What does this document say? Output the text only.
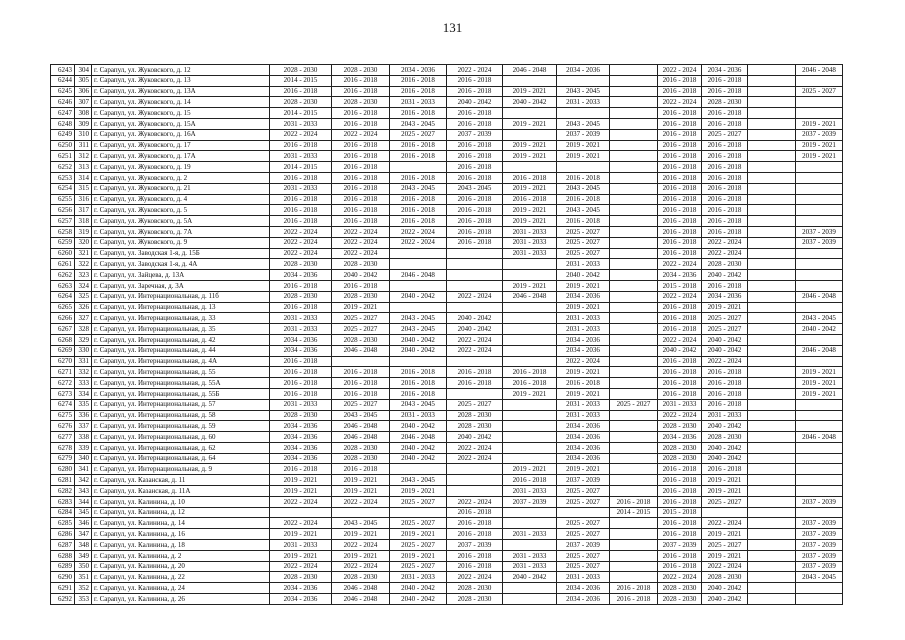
131
6243	304	г. Сарапул, ул. Жуковского, д. 12	2028 - 2030	2028 - 2030	2034 - 2036	2022 - 2024	2046 - 2048	2034 - 2036		2022 - 2024	2034 - 2036		2046 - 2048
6244	305	г. Сарапул, ул. Жуковского, д. 13	2014 - 2015	2016 - 2018	2016 - 2018	2016 - 2018				2016 - 2018	2016 - 2018		
6245	306	г. Сарапул, ул. Жуковского, д. 13А	2016 - 2018	2016 - 2018	2016 - 2018	2016 - 2018	2019 - 2021	2043 - 2045		2016 - 2018	2016 - 2018		2025 - 2027
6246	307	г. Сарапул, ул. Жуковского, д. 14	2028 - 2030	2028 - 2030	2031 - 2033	2040 - 2042	2040 - 2042	2031 - 2033		2022 - 2024	2028 - 2030		
6247	308	г. Сарапул, ул. Жуковского, д. 15	2014 - 2015	2016 - 2018	2016 - 2018	2016 - 2018				2016 - 2018	2016 - 2018		
6248	309	г. Сарапул, ул. Жуковского, д. 15А	2031 - 2033	2016 - 2018	2043 - 2045	2016 - 2018	2019 - 2021	2043 - 2045		2016 - 2018	2016 - 2018		2019 - 2021
6249	310	г. Сарапул, ул. Жуковского, д. 16А	2022 - 2024	2022 - 2024	2025 - 2027	2037 - 2039		2037 - 2039		2016 - 2018	2025 - 2027		2037 - 2039
6250	311	г. Сарапул, ул. Жуковского, д. 17	2016 - 2018	2016 - 2018	2016 - 2018	2016 - 2018	2019 - 2021	2019 - 2021		2016 - 2018	2016 - 2018		2019 - 2021
6251	312	г. Сарапул, ул. Жуковского, д. 17А	2031 - 2033	2016 - 2018	2016 - 2018	2016 - 2018	2019 - 2021	2019 - 2021		2016 - 2018	2016 - 2018		2019 - 2021
6252	313	г. Сарапул, ул. Жуковского, д. 19	2014 - 2015	2016 - 2018		2016 - 2018				2016 - 2018	2016 - 2018		
6253	314	г. Сарапул, ул. Жуковского, д. 2	2016 - 2018	2016 - 2018	2016 - 2018	2016 - 2018	2016 - 2018	2016 - 2018		2016 - 2018	2016 - 2018		
6254	315	г. Сарапул, ул. Жуковского, д. 21	2031 - 2033	2016 - 2018	2043 - 2045	2043 - 2045	2019 - 2021	2043 - 2045		2016 - 2018	2016 - 2018		
6255	316	г. Сарапул, ул. Жуковского, д. 4	2016 - 2018	2016 - 2018	2016 - 2018	2016 - 2018	2016 - 2018	2016 - 2018		2016 - 2018	2016 - 2018		
6256	317	г. Сарапул, ул. Жуковского, д. 5	2016 - 2018	2016 - 2018	2016 - 2018	2016 - 2018	2019 - 2021	2043 - 2045		2016 - 2018	2016 - 2018		
6257	318	г. Сарапул, ул. Жуковского, д. 5А	2016 - 2018	2016 - 2018	2016 - 2018	2016 - 2018	2019 - 2021	2016 - 2018		2016 - 2018	2016 - 2018		
6258	319	г. Сарапул, ул. Жуковского, д. 7А	2022 - 2024	2022 - 2024	2022 - 2024	2016 - 2018	2031 - 2033	2025 - 2027		2016 - 2018	2016 - 2018		2037 - 2039
6259	320	г. Сарапул, ул. Жуковского, д. 9	2022 - 2024	2022 - 2024	2022 - 2024	2016 - 2018	2031 - 2033	2025 - 2027		2016 - 2018	2022 - 2024		2037 - 2039
6260	321	г. Сарапул, ул. Заводская 1-я, д. 15Б	2022 - 2024	2022 - 2024			2031 - 2033	2025 - 2027		2016 - 2018	2022 - 2024		
6261	322	г. Сарапул, ул. Заводская 1-я, д. 4А	2028 - 2030	2028 - 2030				2031 - 2033		2022 - 2024	2028 - 2030		
6262	323	г. Сарапул, ул. Зайцева, д. 13А	2034 - 2036	2040 - 2042	2046 - 2048			2040 - 2042		2034 - 2036	2040 - 2042		
6263	324	г. Сарапул, ул. Заречная, д. 3А	2016 - 2018	2016 - 2018			2019 - 2021	2019 - 2021		2015 - 2018	2016 - 2018		
6264	325	г. Сарапул, ул. Интернациональная, д. 11б	2028 - 2030	2028 - 2030	2040 - 2042	2022 - 2024	2046 - 2048	2034 - 2036		2022 - 2024	2034 - 2036		2046 - 2048
6265	326	г. Сарапул, ул. Интернациональная, д. 13	2016 - 2018	2019 - 2021				2019 - 2021		2016 - 2018	2019 - 2021		
6266	327	г. Сарапул, ул. Интернациональная, д. 33	2031 - 2033	2025 - 2027	2043 - 2045	2040 - 2042		2031 - 2033		2016 - 2018	2025 - 2027		2043 - 2045
6267	328	г. Сарапул, ул. Интернациональная, д. 35	2031 - 2033	2025 - 2027	2043 - 2045	2040 - 2042		2031 - 2033		2016 - 2018	2025 - 2027		2040 - 2042
6268	329	г. Сарапул, ул. Интернациональная, д. 42	2034 - 2036	2028 - 2030	2040 - 2042	2022 - 2024		2034 - 2036		2022 - 2024	2040 - 2042		
6269	330	г. Сарапул, ул. Интернациональная, д. 44	2034 - 2036	2046 - 2048	2040 - 2042	2022 - 2024		2034 - 2036		2040 - 2042	2040 - 2042		2046 - 2048
6270	331	г. Сарапул, ул. Интернациональная, д. 4А	2016 - 2018					2022 - 2024		2016 - 2018	2022 - 2024		
6271	332	г. Сарапул, ул. Интернациональная, д. 55	2016 - 2018	2016 - 2018	2016 - 2018	2016 - 2018	2016 - 2018	2019 - 2021		2016 - 2018	2016 - 2018		2019 - 2021
6272	333	г. Сарапул, ул. Интернациональная, д. 55А	2016 - 2018	2016 - 2018	2016 - 2018	2016 - 2018	2016 - 2018	2016 - 2018		2016 - 2018	2016 - 2018		2019 - 2021
6273	334	г. Сарапул, ул. Интернациональная, д. 55Б	2016 - 2018	2016 - 2018	2016 - 2018		2019 - 2021	2019 - 2021		2016 - 2018	2016 - 2018		2019 - 2021
6274	335	г. Сарапул, ул. Интернациональная, д. 57	2031 - 2033	2025 - 2027	2043 - 2045	2025 - 2027		2031 - 2033	2025 - 2027	2031 - 2033	2016 - 2018		
6275	336	г. Сарапул, ул. Интернациональная, д. 58	2028 - 2030	2043 - 2045	2031 - 2033	2028 - 2030		2031 - 2033		2022 - 2024	2031 - 2033		
6276	337	г. Сарапул, ул. Интернациональная, д. 59	2034 - 2036	2046 - 2048	2040 - 2042	2028 - 2030		2034 - 2036		2028 - 2030	2040 - 2042		
6277	338	г. Сарапул, ул. Интернациональная, д. 60	2034 - 2036	2046 - 2048	2046 - 2048	2040 - 2042		2034 - 2036		2034 - 2036	2028 - 2030		2046 - 2048
6278	339	г. Сарапул, ул. Интернациональная, д. 62	2034 - 2036	2028 - 2030	2040 - 2042	2022 - 2024		2034 - 2036		2028 - 2030	2040 - 2042		
6279	340	г. Сарапул, ул. Интернациональная, д. 64	2034 - 2036	2028 - 2030	2040 - 2042	2022 - 2024		2034 - 2036		2028 - 2030	2040 - 2042		
6280	341	г. Сарапул, ул. Интернациональная, д. 9	2016 - 2018	2016 - 2018			2019 - 2021	2019 - 2021		2016 - 2018	2016 - 2018		
6281	342	г. Сарапул, ул. Казанская, д. 11	2019 - 2021	2019 - 2021	2043 - 2045		2016 - 2018	2037 - 2039		2016 - 2018	2019 - 2021		
6282	343	г. Сарапул, ул. Казанская, д. 11А	2019 - 2021	2019 - 2021	2019 - 2021		2031 - 2033	2025 - 2027		2016 - 2018	2019 - 2021		
6283	344	г. Сарапул, ул. Калинина, д. 10	2022 - 2024	2022 - 2024	2025 - 2027	2022 - 2024	2037 - 2039	2025 - 2027	2016 - 2018	2016 - 2018	2025 - 2027		2037 - 2039
6284	345	г. Сарапул, ул. Калинина, д. 12				2016 - 2018			2014 - 2015	2015 - 2018			
6285	346	г. Сарапул, ул. Калинина, д. 14	2022 - 2024	2043 - 2045	2025 - 2027	2016 - 2018		2025 - 2027		2016 - 2018	2022 - 2024		2037 - 2039
6286	347	г. Сарапул, ул. Калинина, д. 16	2019 - 2021	2019 - 2021	2019 - 2021	2016 - 2018	2031 - 2033	2025 - 2027		2016 - 2018	2019 - 2021		2037 - 2039
6287	348	г. Сарапул, ул. Калинина, д. 18	2031 - 2033	2022 - 2024	2025 - 2027	2037 - 2039		2037 - 2039		2037 - 2039	2025 - 2027		2037 - 2039
6288	349	г. Сарапул, ул. Калинина, д. 2	2019 - 2021	2019 - 2021	2019 - 2021	2016 - 2018	2031 - 2033	2025 - 2027		2016 - 2018	2019 - 2021		2037 - 2039
6289	350	г. Сарапул, ул. Калинина, д. 20	2022 - 2024	2022 - 2024	2025 - 2027	2016 - 2018	2031 - 2033	2025 - 2027		2016 - 2018	2022 - 2024		2037 - 2039
6290	351	г. Сарапул, ул. Калинина, д. 22	2028 - 2030	2028 - 2030	2031 - 2033	2022 - 2024	2040 - 2042	2031 - 2033		2022 - 2024	2028 - 2030		2043 - 2045
6291	352	г. Сарапул, ул. Калинина, д. 24	2034 - 2036	2046 - 2048	2040 - 2042	2028 - 2030		2034 - 2036	2016 - 2018	2028 - 2030	2040 - 2042		
6292	353	г. Сарапул, ул. Калинина, д. 26	2034 - 2036	2046 - 2048	2040 - 2042	2028 - 2030		2034 - 2036	2016 - 2018	2028 - 2030	2040 - 2042		
